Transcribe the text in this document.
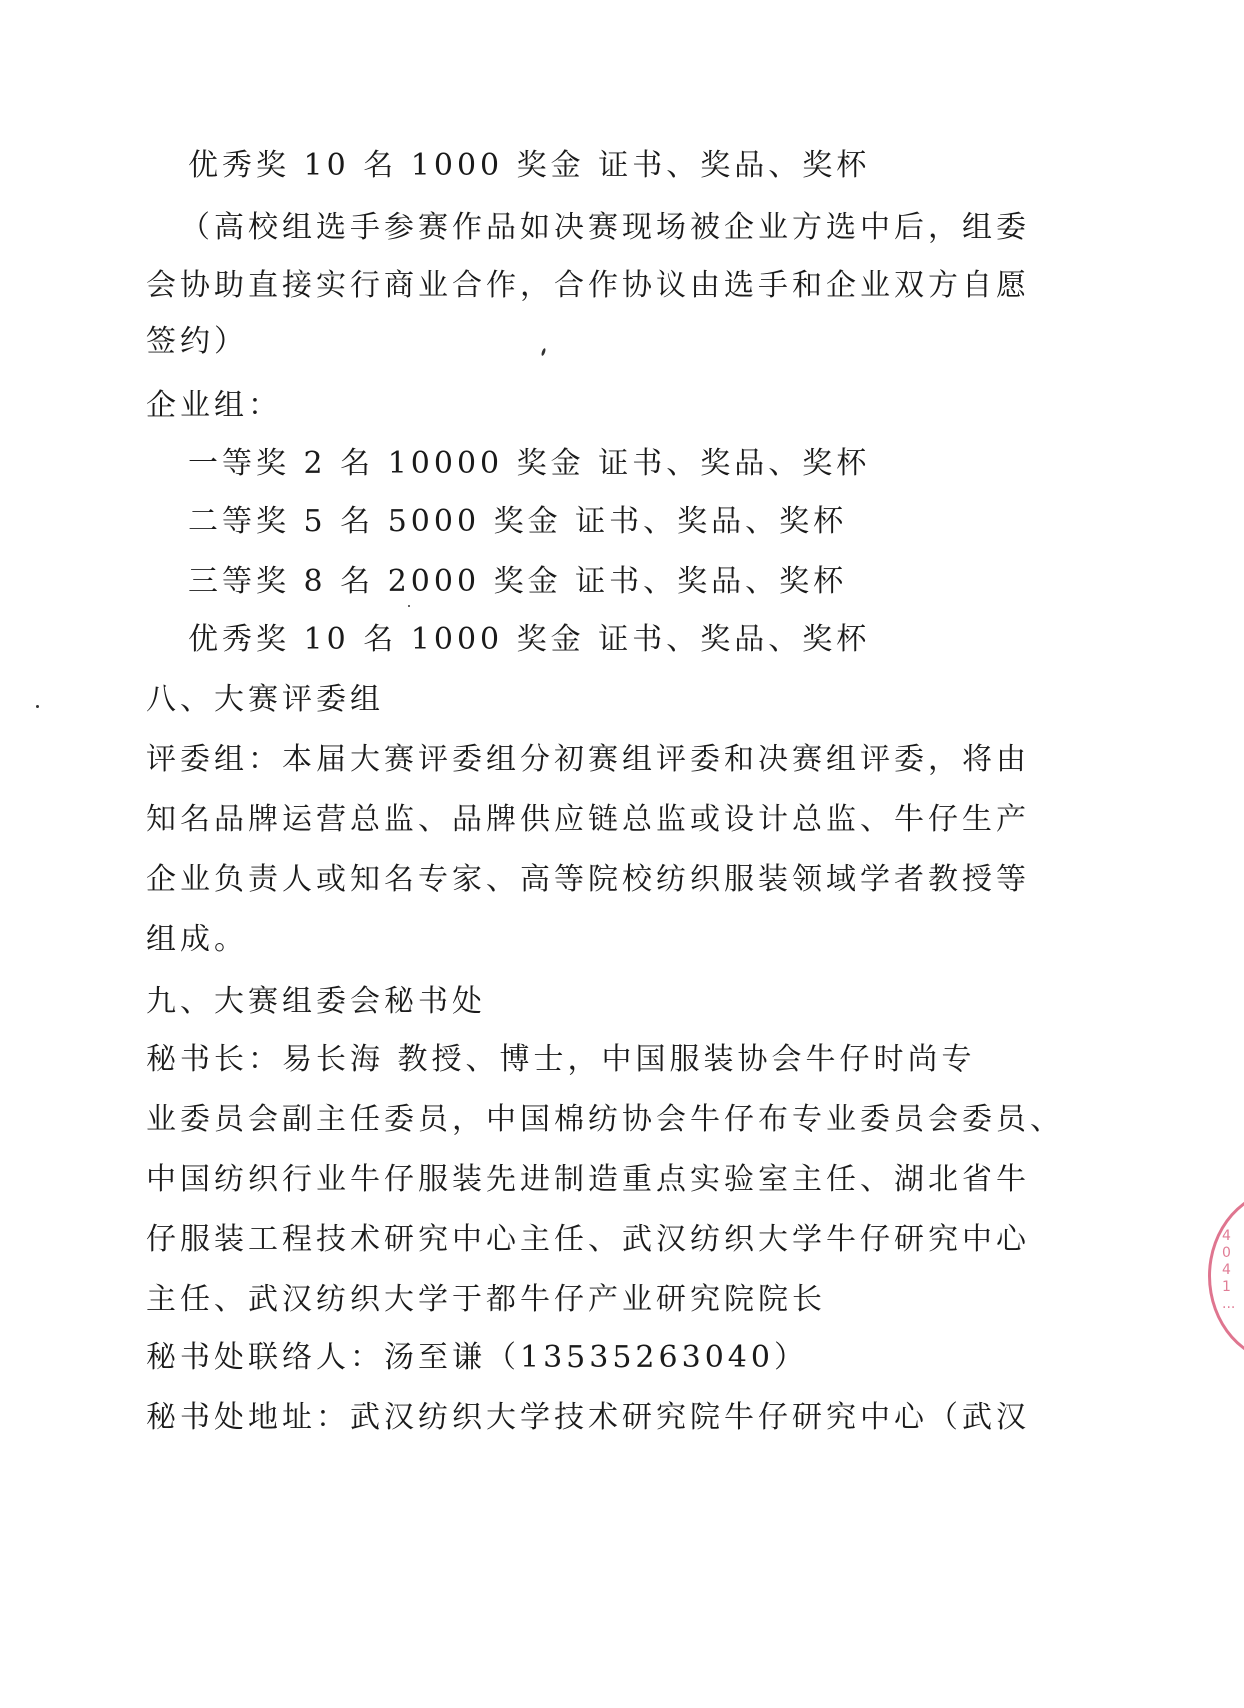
优秀奖 10 名 1000 奖金 证书、奖品、奖杯
（高校组选手参赛作品如决赛现场被企业方选中后，组委
会协助直接实行商业合作，合作协议由选手和企业双方自愿
签约）
企业组：
一等奖 2 名 10000 奖金 证书、奖品、奖杯
二等奖 5 名 5000 奖金 证书、奖品、奖杯
三等奖 8 名 2000 奖金 证书、奖品、奖杯
优秀奖 10 名 1000 奖金 证书、奖品、奖杯
八、大赛评委组
评委组：本届大赛评委组分初赛组评委和决赛组评委，将由
知名品牌运营总监、品牌供应链总监或设计总监、牛仔生产
企业负责人或知名专家、高等院校纺织服装领域学者教授等
组成。
九、大赛组委会秘书处
秘书长：易长海 教授、博士，中国服装协会牛仔时尚专
业委员会副主任委员，中国棉纺协会牛仔布专业委员会委员、
中国纺织行业牛仔服装先进制造重点实验室主任、湖北省牛
仔服装工程技术研究中心主任、武汉纺织大学牛仔研究中心
主任、武汉纺织大学于都牛仔产业研究院院长
秘书处联络人：汤至谦（13535263040）
秘书处地址：武汉纺织大学技术研究院牛仔研究中心（武汉
4 0 4 1 ...
